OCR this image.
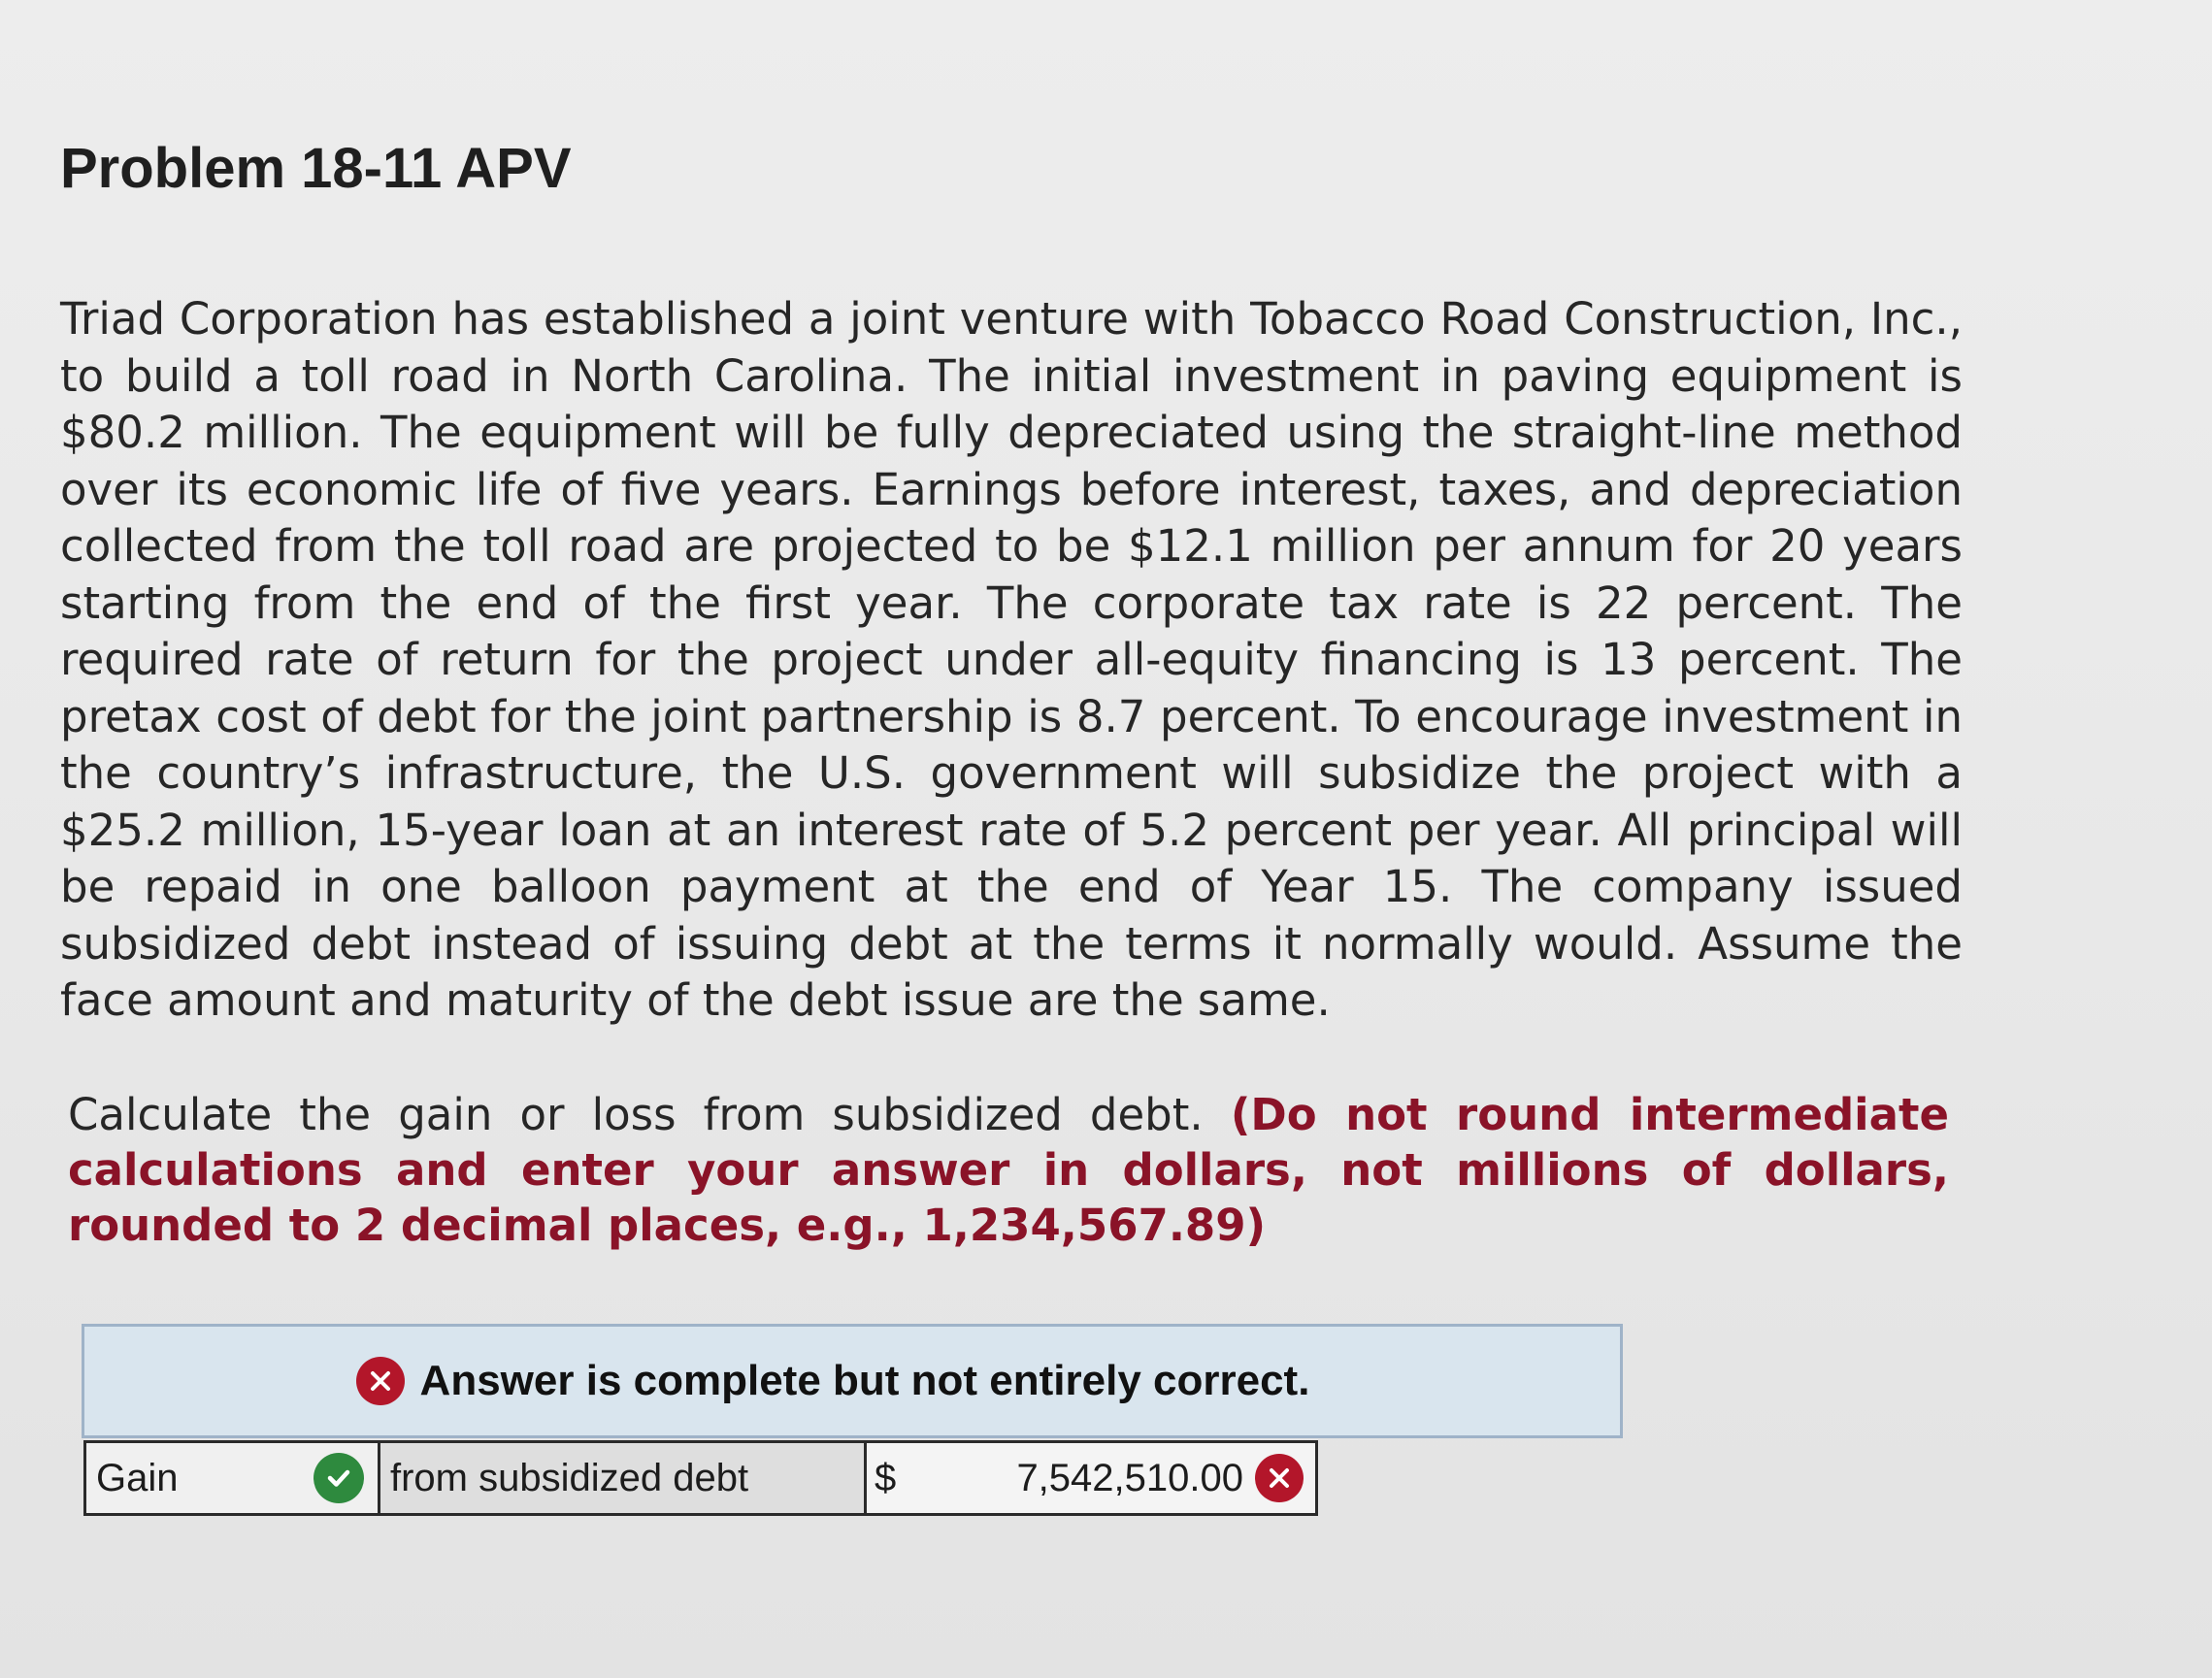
Problem 18-11 APV
Triad Corporation has established a joint venture with Tobacco Road Construction, Inc., to build a toll road in North Carolina. The initial investment in paving equipment is $80.2 million. The equipment will be fully depreciated using the straight-line method over its economic life of five years. Earnings before interest, taxes, and depreciation collected from the toll road are projected to be $12.1 million per annum for 20 years starting from the end of the first year. The corporate tax rate is 22 percent. The required rate of return for the project under all-equity financing is 13 percent. The pretax cost of debt for the joint partnership is 8.7 percent. To encourage investment in the country’s infrastructure, the U.S. government will subsidize the project with a $25.2 million, 15-year loan at an interest rate of 5.2 percent per year. All principal will be repaid in one balloon payment at the end of Year 15. The company issued subsidized debt instead of issuing debt at the terms it normally would. Assume the face amount and maturity of the debt issue are the same.
Calculate the gain or loss from subsidized debt. (Do not round intermediate calculations and enter your answer in dollars, not millions of dollars, rounded to 2 decimal places, e.g., 1,234,567.89)
Answer is complete but not entirely correct.
Gain	from subsidized debt	$	7,542,510.00
